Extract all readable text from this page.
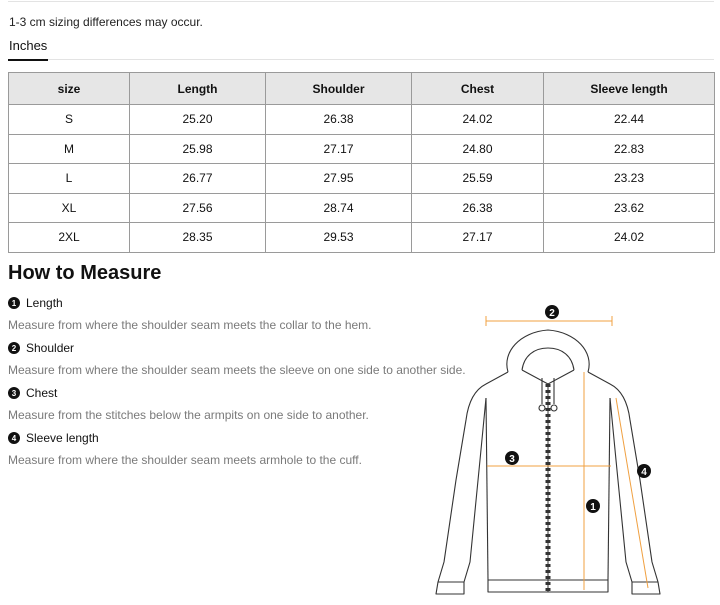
1-3 cm sizing differences may occur.
Inches
size	Length	Shoulder	Chest	Sleeve length
S	25.20	26.38	24.02	22.44
M	25.98	27.17	24.80	22.83
L	26.77	27.95	25.59	23.23
XL	27.56	28.74	26.38	23.62
2XL	28.35	29.53	27.17	24.02
How to Measure
1 Length
Measure from where the shoulder seam meets the collar to the hem.
2 Shoulder
Measure from where the shoulder seam meets the sleeve on one side to another side.
3 Chest
Measure from the stitches below the armpits on one side to another.
4 Sleeve length
Measure from where the shoulder seam meets armhole to the cuff.
2
3
1
4
